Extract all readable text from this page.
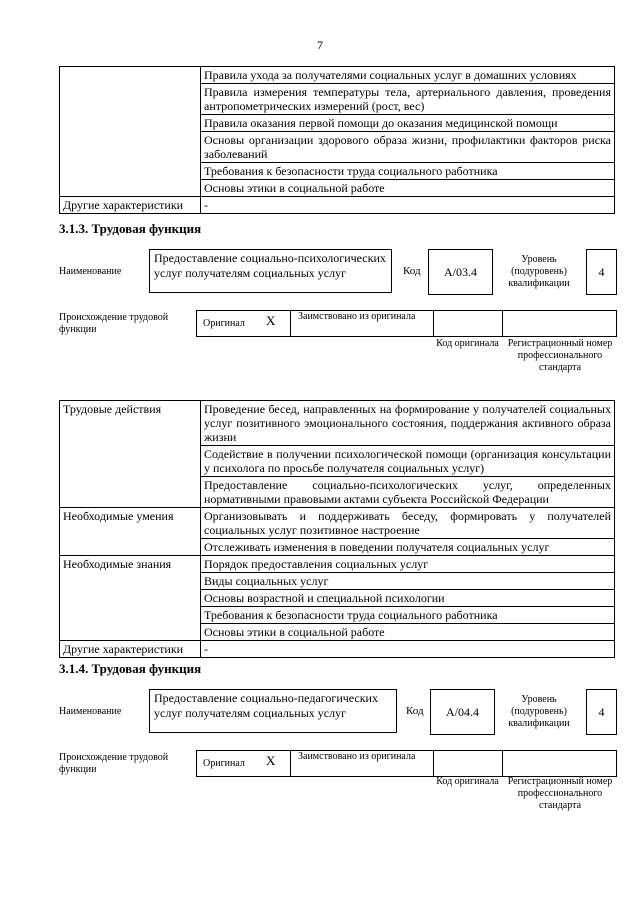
7
	Правила ухода за получателями социальных услуг в домашних условиях
	Правила измерения температуры тела, артериального давления, проведения антропометрических измерений (рост, вес)
	Правила оказания первой помощи до оказания медицинской помощи
	Основы организации здорового образа жизни, профилактики факторов риска заболеваний
	Требования к безопасности труда социального работника
	Основы этики в социальной работе
Другие характеристики	-
3.1.3. Трудовая функция
Наименование
Предоставление социально-психологических услуг получателям социальных услуг	Код	А/03.4
Уровень (подуровень) квалификации
4
Происхождение трудовой функции
Оригинал X Заимствовано из оригинала
Код оригинала Регистрационный номер профессионального стандарта
Трудовые действия	Проведение бесед, направленных на формирование у получателей социальных услуг позитивного эмоционального состояния, поддержания активного образа жизни
	Содействие в получении психологической помощи (организация консультации у психолога по просьбе получателя социальных услуг)
	Предоставление социально-психологических услуг, определенных нормативными правовыми актами субъекта Российской Федерации
Необходимые умения	Организовывать и поддерживать беседу, формировать у получателей социальных услуг позитивное настроение
	Отслеживать изменения в поведении получателя социальных услуг
Необходимые знания	Порядок предоставления социальных услуг
	Виды социальных услуг
	Основы возрастной и специальной психологии
	Требования к безопасности труда социального работника
	Основы этики в социальной работе
Другие характеристики	-
3.1.4. Трудовая функция
Наименование
Предоставление социально-педагогических услуг получателям социальных услуг	Код	А/04.4
Уровень (подуровень) квалификации
4
Происхождение трудовой функции
Оригинал X Заимствовано из оригинала
Код оригинала Регистрационный номер профессионального стандарта
